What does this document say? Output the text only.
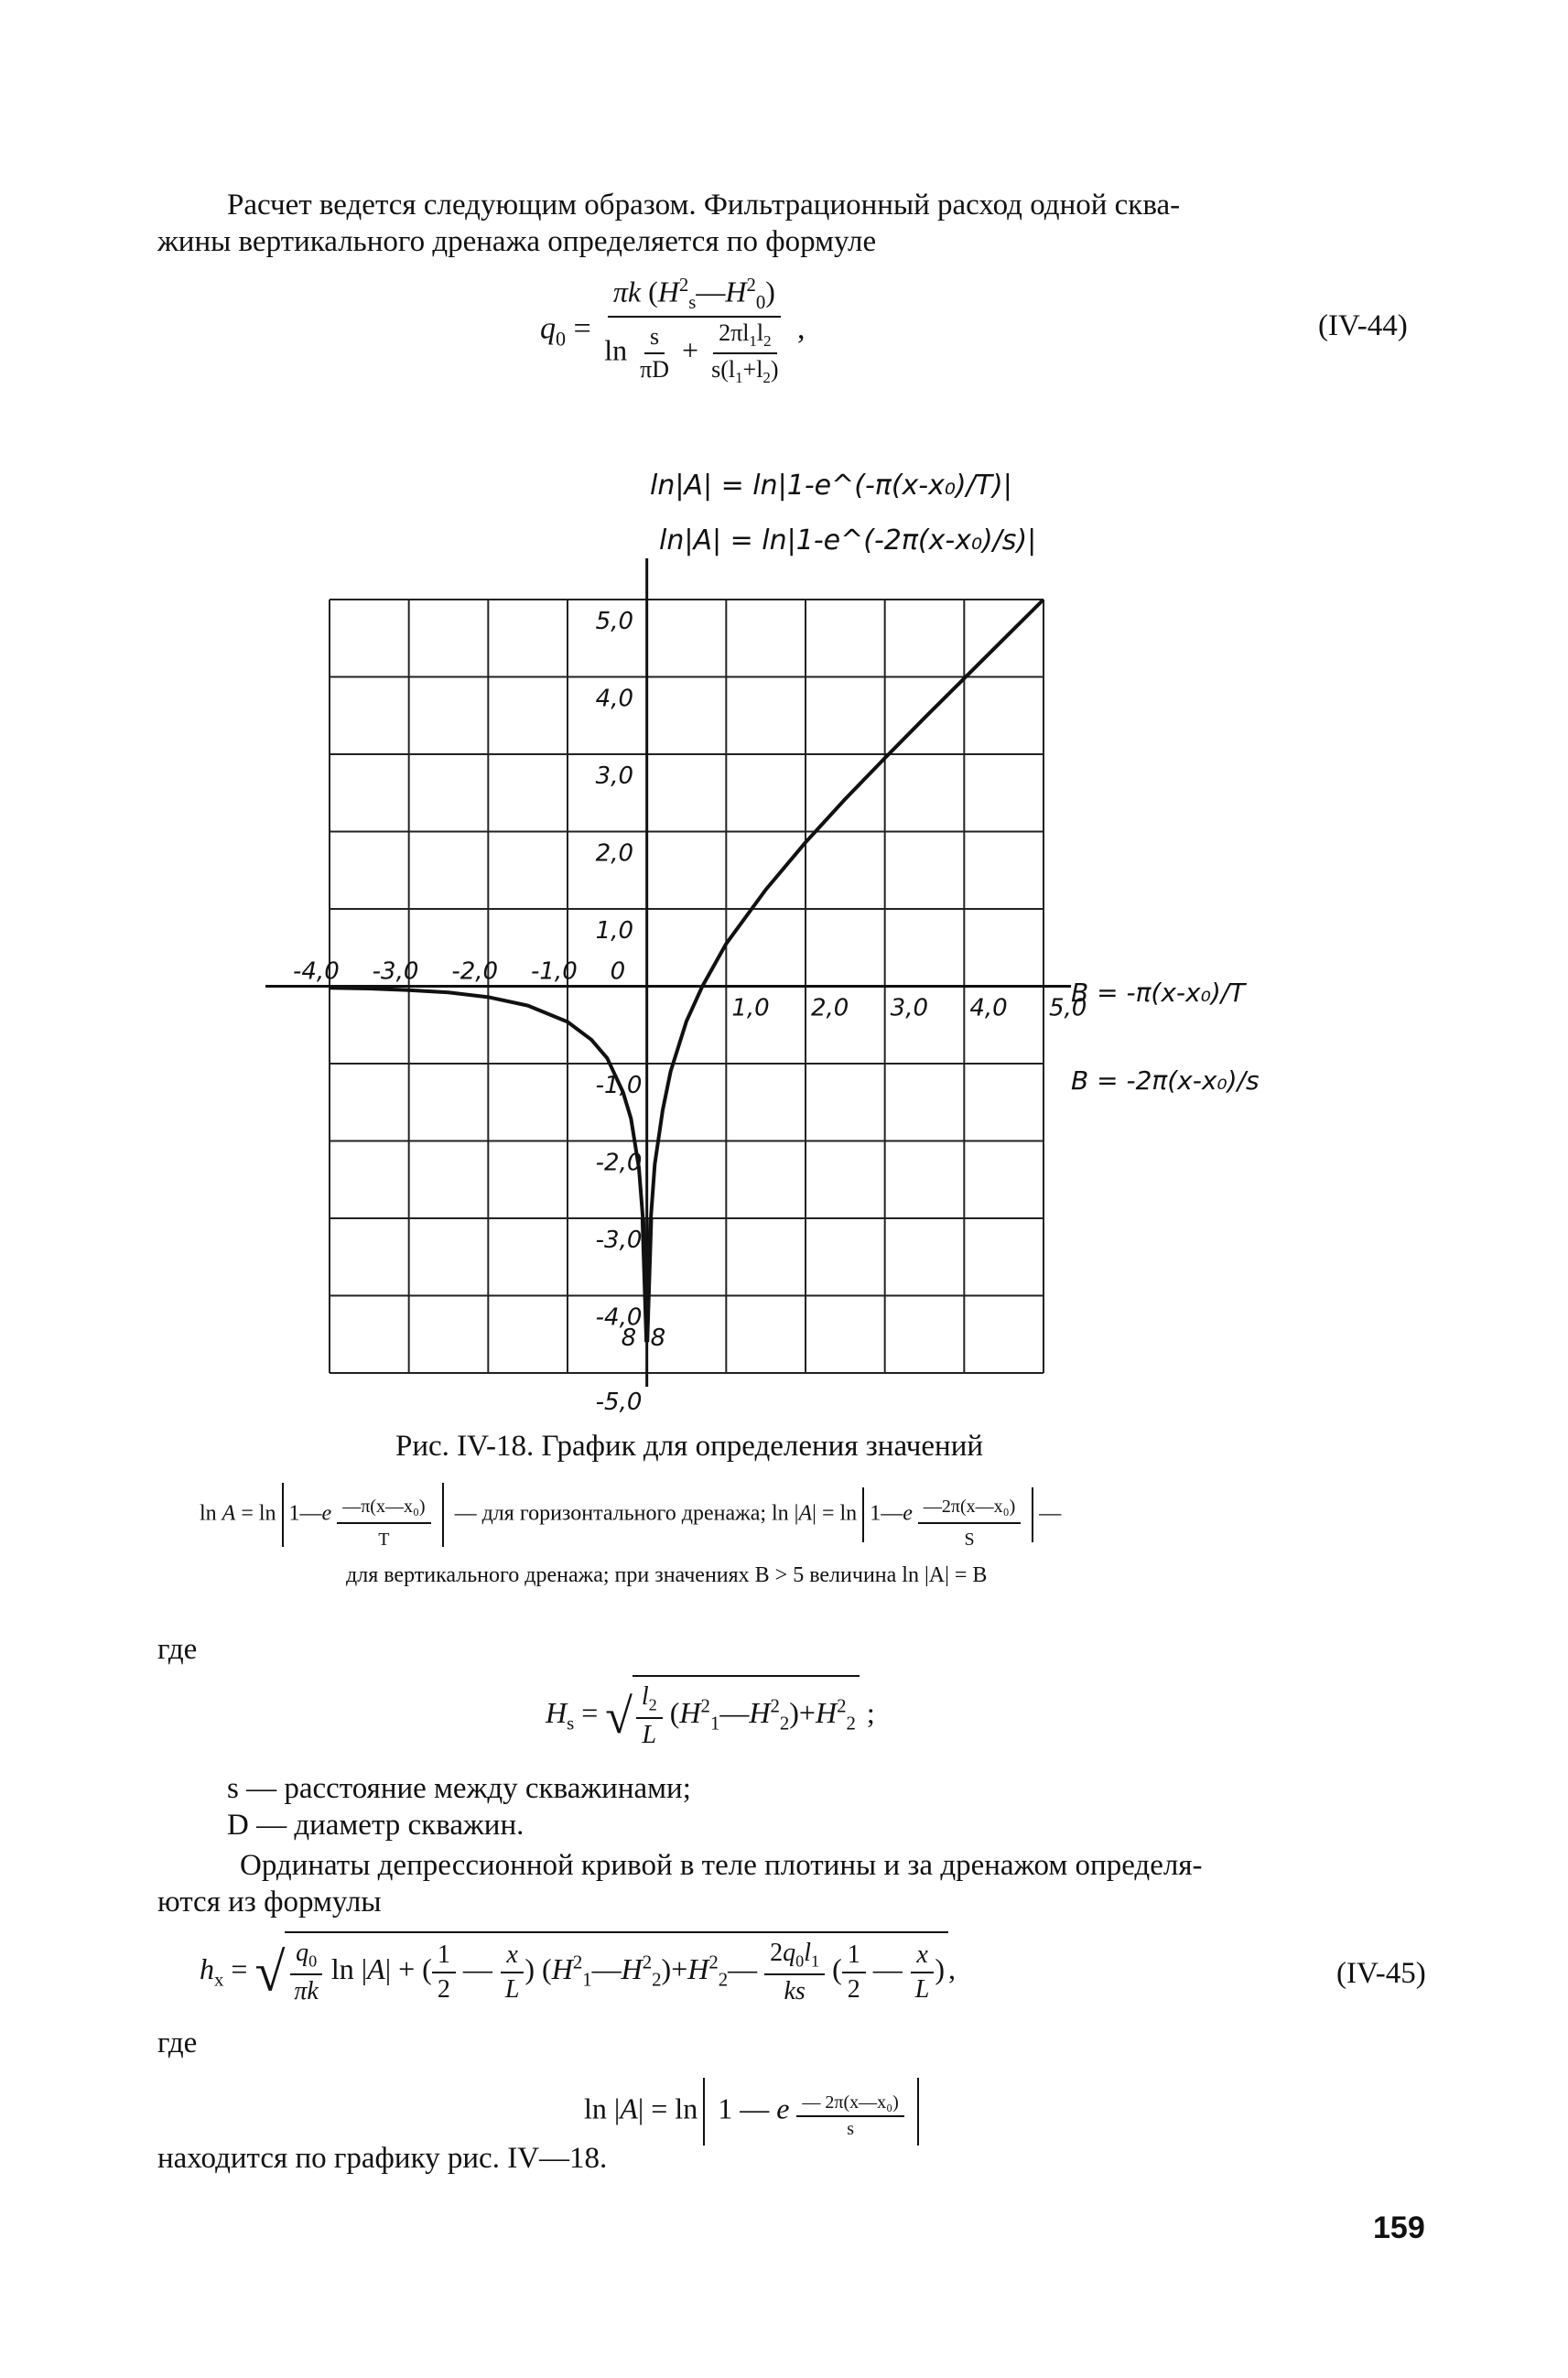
Расчет ведется следующим образом. Фильтрационный расход одной сква-
жины вертикального дренажа определяется по формуле
$q_0 = \frac{\pi k (H^2_s—H^2_0)}{\ln \frac{s}{\pi D} + \frac{2\pi l_1l_2}{s(l_1+l_2)}}$ ,	(IV-44)
-4,0 -3,0 -2,0 -1,0 0
1,0 2,0 3,0 4,0 5,0
5,0
4,0
3,0
2,0
1,0
-1,0
-2,0
-3,0
-4,0
-5,0
8 8
ln|A| = ln|1-e^(-π(x-x₀)/T)|
ln|A| = ln|1-e^(-2π(x-x₀)/s)|
B = -π(x-x₀)/T
B = -2π(x-x₀)/s
Рис. IV-18. График для определения значений
ln A = ln 1—e $\frac{\text{—π(x—x₀)}}{T}$ — для горизонтального дренажа; ln |A| = ln 1—e $\frac{\text{—2π(x—x₀)}}{S}$ —
для вертикального дренажа; при значениях B > 5 величина ln |A| = B
где
$H_s$ = √ $\frac{l_2}{L}$ $(H^2_1—H^2_2)+H^2_2$ ;
s — расстояние между скважинами;
D — диаметр скважин.
Ординаты депрессионной кривой в теле плотины и за дренажом определя-
ются из формулы
$h_x$ = √ $\frac{q_0}{\pi k}$ ln |A| + ( $\frac{1}{2}$ — $\frac{x}{L}$ ) $(H^2_1—H^2_2)+H^2_2— \frac{2q_0l_1}{ks}$ ( $\frac{1}{2}$ — $\frac{x}{L}$ ) ,	(IV-45)
где
ln |A| = ln 1 — e $\frac{\text{— 2π(x—x₀)}}{s}$

находится по графику рис. IV—18.
159
